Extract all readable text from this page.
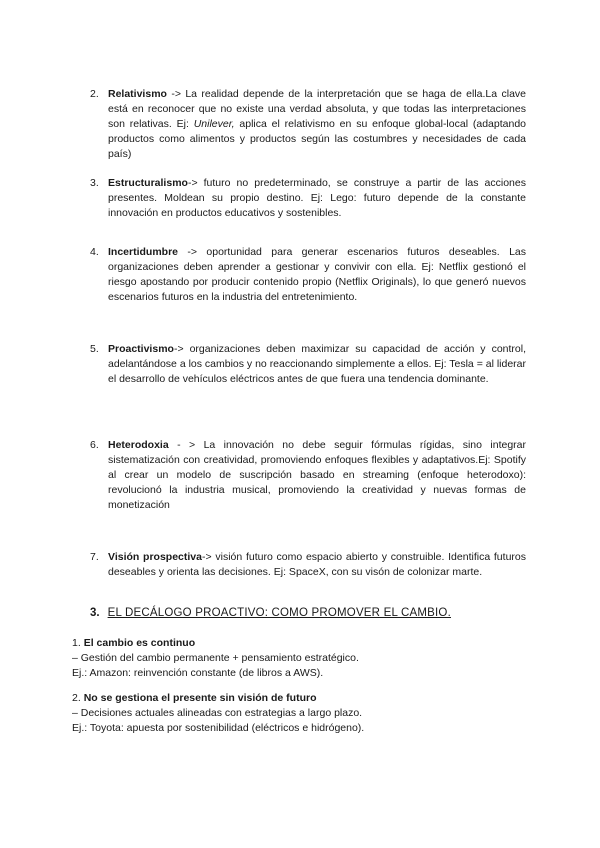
2. Relativismo -> La realidad depende de la interpretación que se haga de ella.La clave está en reconocer que no existe una verdad absoluta, y que todas las interpretaciones son relativas. Ej: Unilever, aplica el relativismo en su enfoque global-local (adaptando productos como alimentos y productos según las costumbres y necesidades de cada país)
3. Estructuralismo-> futuro no predeterminado, se construye a partir de las acciones presentes. Moldean su propio destino. Ej: Lego: futuro depende de la constante innovación en productos educativos y sostenibles.
4. Incertidumbre -> oportunidad para generar escenarios futuros deseables. Las organizaciones deben aprender a gestionar y convivir con ella. Ej: Netflix gestionó el riesgo apostando por producir contenido propio (Netflix Originals), lo que generó nuevos escenarios futuros en la industria del entretenimiento.
5. Proactivismo-> organizaciones deben maximizar su capacidad de acción y control, adelantándose a los cambios y no reaccionando simplemente a ellos. Ej: Tesla = al liderar el desarrollo de vehículos eléctricos antes de que fuera una tendencia dominante.
6. Heterodoxia - > La innovación no debe seguir fórmulas rígidas, sino integrar sistematización con creatividad, promoviendo enfoques flexibles y adaptativos.Ej: Spotify al crear un modelo de suscripción basado en streaming (enfoque heterodoxo): revolucionó la industria musical, promoviendo la creatividad y nuevas formas de monetización
7. Visión prospectiva-> visión futuro como espacio abierto y construible. Identifica futuros deseables y orienta las decisiones. Ej: SpaceX, con su visón de colonizar marte.
3. EL DECÁLOGO PROACTIVO: COMO PROMOVER EL CAMBIO.
1. El cambio es continuo
– Gestión del cambio permanente + pensamiento estratégico.
Ej.: Amazon: reinvención constante (de libros a AWS).
2. No se gestiona el presente sin visión de futuro
– Decisiones actuales alineadas con estrategias a largo plazo.
Ej.: Toyota: apuesta por sostenibilidad (eléctricos e hidrógeno).
